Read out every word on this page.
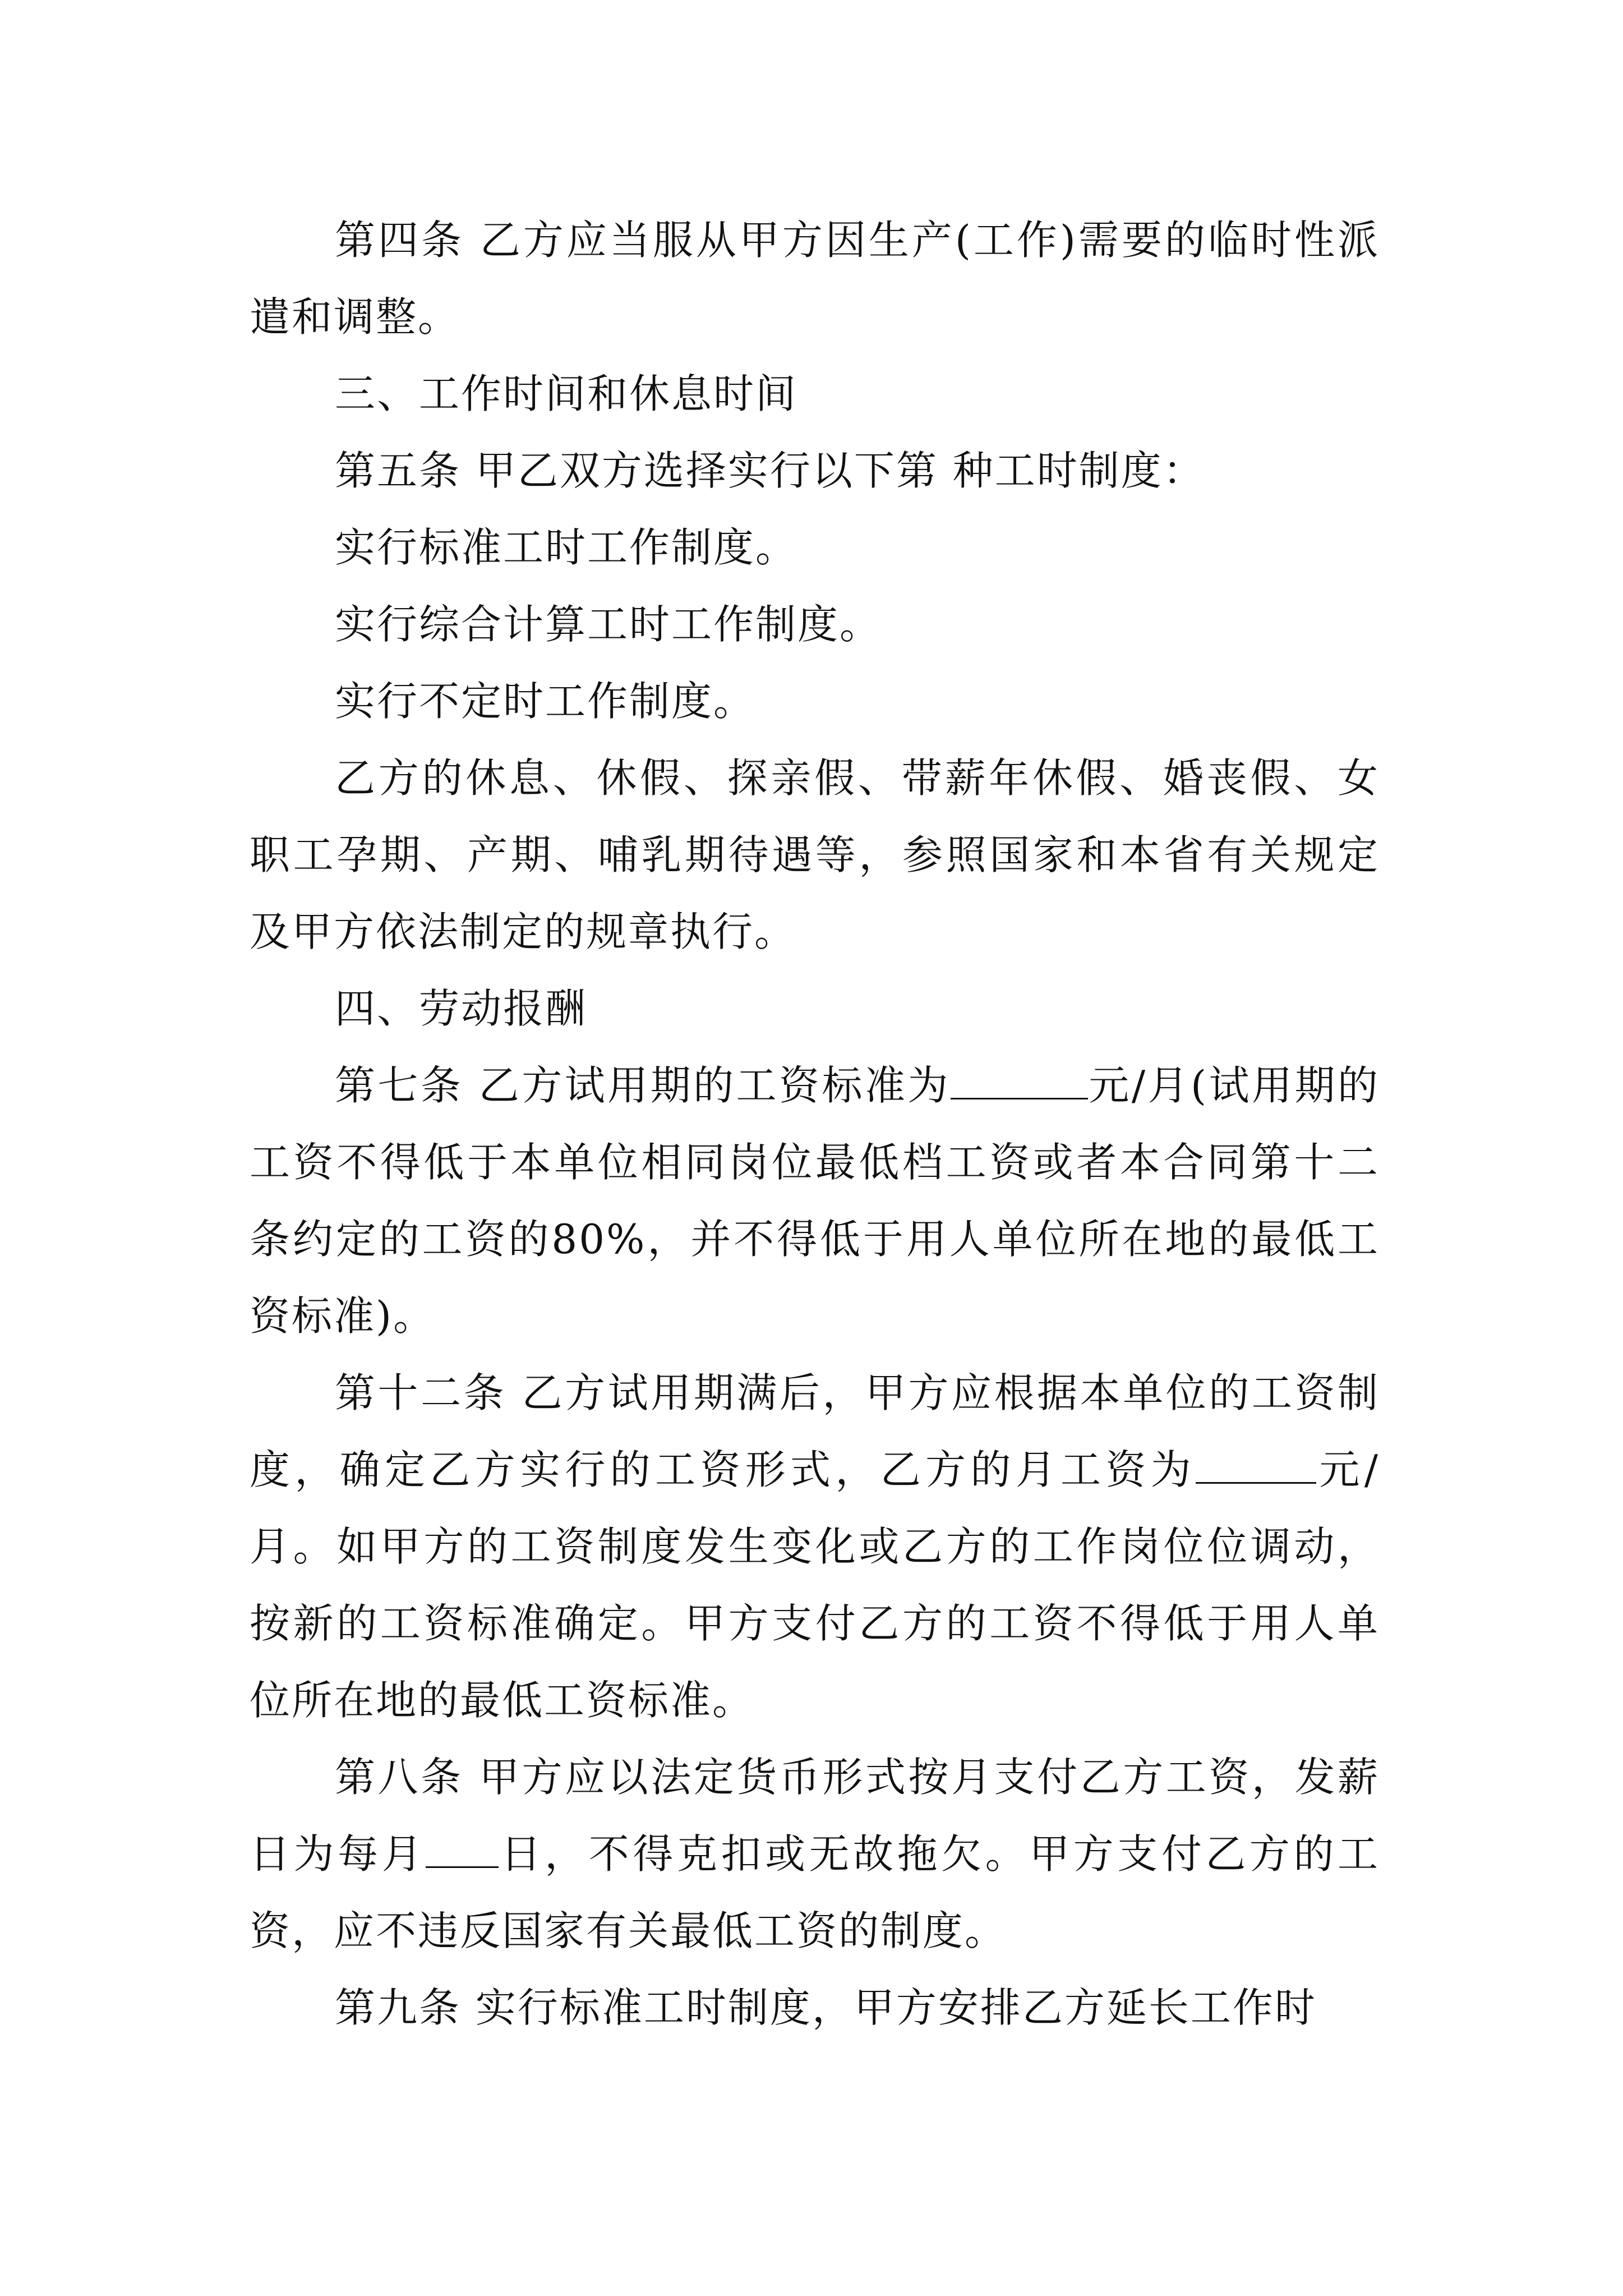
第四条 乙方应当服从甲方因生产(工作)需要的临时性派遣和调整。

三、工作时间和休息时间

第五条 甲乙双方选择实行以下第 种工时制度：

实行标准工时工作制度。

实行综合计算工时工作制度。

实行不定时工作制度。

乙方的休息、休假、探亲假、带薪年休假、婚丧假、女职工孕期、产期、哺乳期待遇等，参照国家和本省有关规定及甲方依法制定的规章执行。

四、劳动报酬

第七条 乙方试用期的工资标准为	元/月(试用期的工资不得低于本单位相同岗位最低档工资或者本合同第十二条约定的工资的80%，并不得低于用人单位所在地的最低工资标准)。

第十二条 乙方试用期满后，甲方应根据本单位的工资制度，确定乙方实行的工资形式，乙方的月工资为	元/月。如甲方的工资制度发生变化或乙方的工作岗位位调动，按新的工资标准确定。甲方支付乙方的工资不得低于用人单位所在地的最低工资标准。

第八条 甲方应以法定货币形式按月支付乙方工资，发薪日为每月 日，不得克扣或无故拖欠。甲方支付乙方的工资，应不违反国家有关最低工资的制度。

第九条 实行标准工时制度，甲方安排乙方延长工作时
